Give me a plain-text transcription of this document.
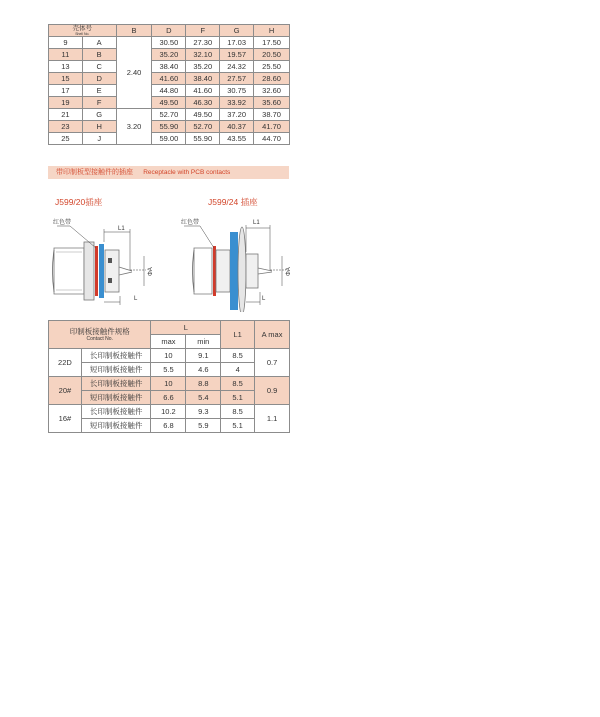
壳体号
Shell No.		B	D	F	G	H
9	A	2.40	30.50	27.30	17.03	17.50
11	B		35.20	32.10	19.57	20.50
13	C		38.40	35.20	24.32	25.50
15	D		41.60	38.40	27.57	28.60
17	E		44.80	41.60	30.75	32.60
19	F		49.50	46.30	33.92	35.60
21	G	3.20	52.70	49.50	37.20	38.70
23	H		55.90	52.70	40.37	41.70
25	J		59.00	55.90	43.55	44.70
带印制板型接触件的插座 Receptacle with PCB contacts
J599/20插座	J599/24 插座
红色带
L1
L
ΦA
红色带	L1
L
ΦA
印制板接触件规格
Contact No.		L		L1	A max
		max	min		
22D	长印制板接触件	10	9.1	8.5	0.7
	短印制板接触件	5.5	4.6	4	
20#	长印制板接触件	10	8.8	8.5	0.9
	短印制板接触件	6.6	5.4	5.1	
16#	长印制板接触件	10.2	9.3	8.5	1.1
	短印制板接触件	6.8	5.9	5.1	
